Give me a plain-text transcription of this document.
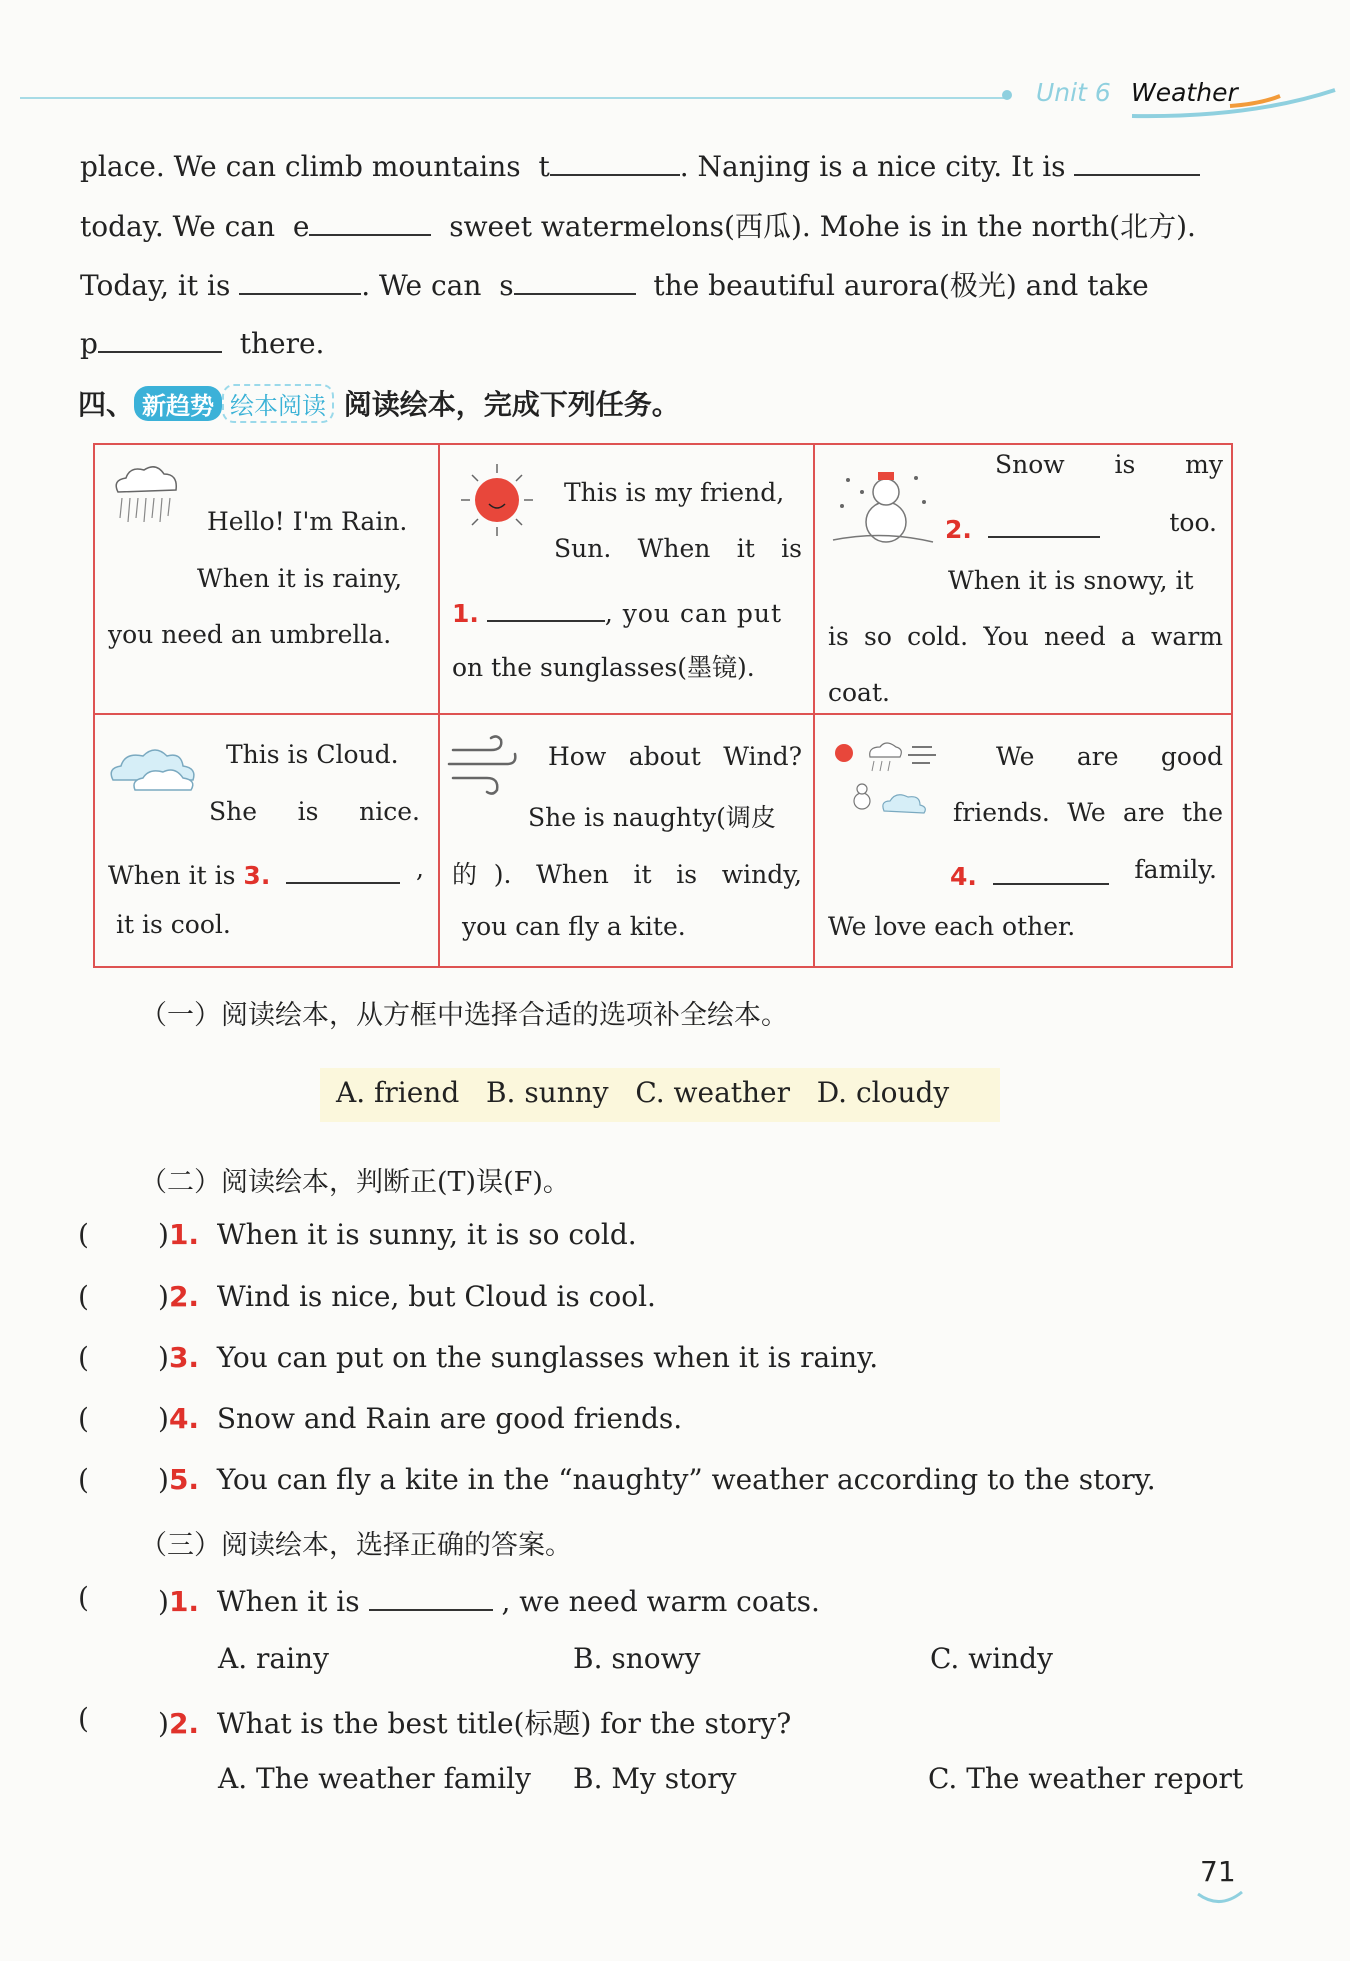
Unit 6 Weather
place. We can climb mountains t	. Nanjing is a nice city. It is
today. We can e	sweet watermelons(西瓜). Mohe is in the north(北方).
Today, it is	. We can s	the beautiful aurora(极光) and take
p	there.
四、 新趋势 绘本阅读 阅读绘本，完成下列任务。
Hello! I'm Rain.
When it is rainy,
you need an umbrella.
This is my friend,
Sun. When it is
1.	, you can put
on the sunglasses(墨镜).
Snow is my
2.	too.
When it is snowy, it
is so cold. You need a warm
coat.
This is Cloud.
She is nice.
When it is 3.	,
it is cool.
How about Wind?
She is naughty(调皮
的). When it is windy,
you can fly a kite.
We are good
friends. We are the
4.	family.
We love each other.
（一）阅读绘本，从方框中选择合适的选项补全绘本。
A. friend   B. sunny   C. weather   D. cloudy
（二）阅读绘本，判断正(T)误(F)。
( )1. When it is sunny, it is so cold.
( )2. Wind is nice, but Cloud is cool.
( )3. You can put on the sunglasses when it is rainy.
( )4. Snow and Rain are good friends.
( )5. You can fly a kite in the “naughty” weather according to the story.
（三）阅读绘本，选择正确的答案。
( )1. When it is	, we need warm coats.
A. rainy	B. snowy	C. windy
( )2. What is the best title(标题) for the story?
A. The weather family B. My story	C. The weather report
71
